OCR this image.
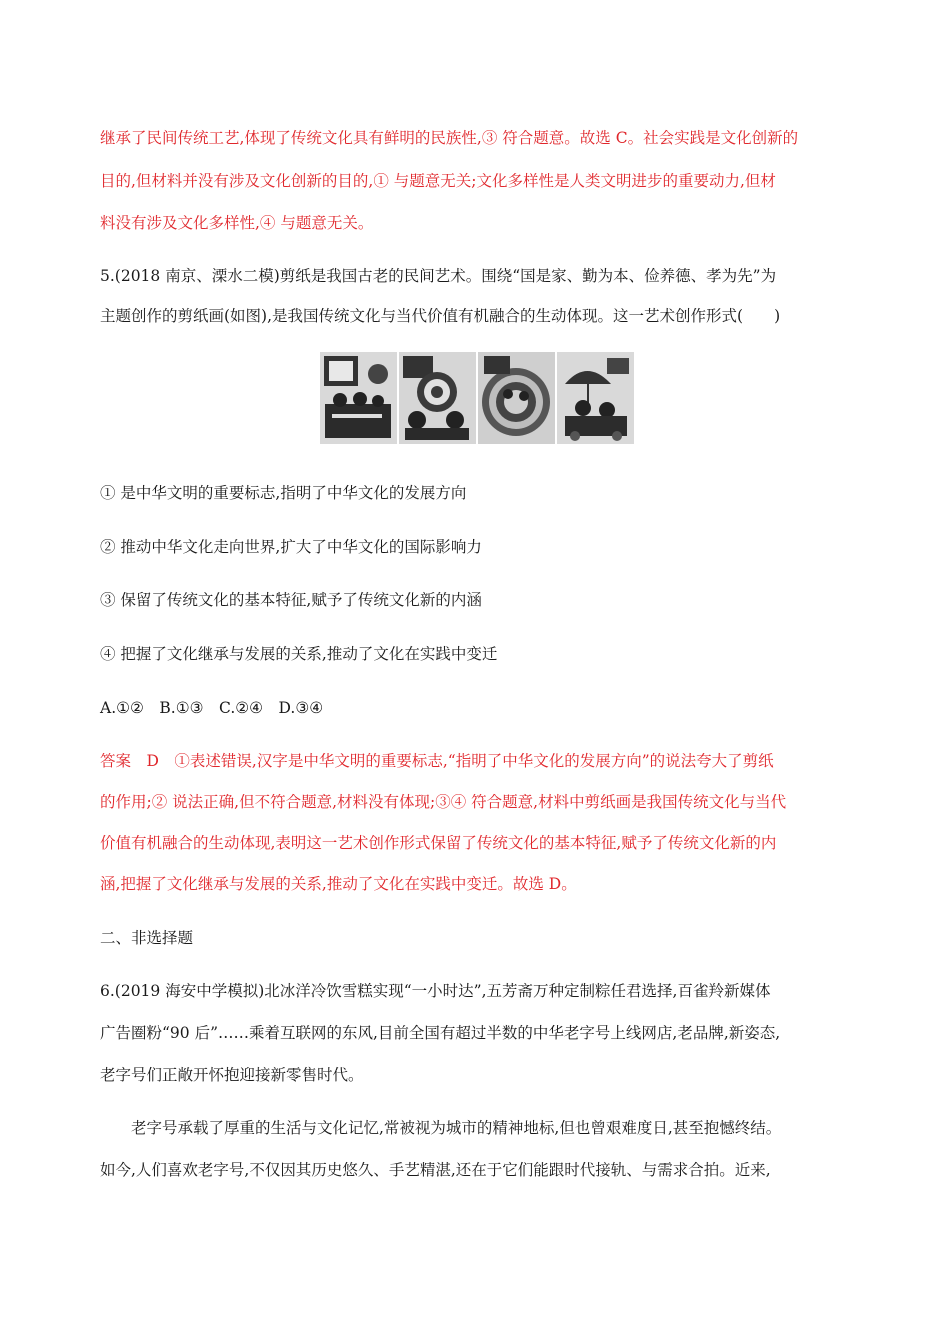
继承了民间传统工艺,体现了传统文化具有鲜明的民族性,③ 符合题意。故选 C。社会实践是文化创新的
目的,但材料并没有涉及文化创新的目的,① 与题意无关;文化多样性是人类文明进步的重要动力,但材
料没有涉及文化多样性,④ 与题意无关。
5.(2018 南京、溧水二模)剪纸是我国古老的民间艺术。围绕“国是家、勤为本、俭养德、孝为先”为
主题创作的剪纸画(如图),是我国传统文化与当代价值有机融合的生动体现。这一艺术创作形式(　　)
① 是中华文明的重要标志,指明了中华文化的发展方向
② 推动中华文化走向世界,扩大了中华文化的国际影响力
③ 保留了传统文化的基本特征,赋予了传统文化新的内涵
④ 把握了文化继承与发展的关系,推动了文化在实践中变迁
A.①②　B.①③　C.②④　D.③④
答案　D　①表述错误,汉字是中华文明的重要标志,“指明了中华文化的发展方向”的说法夸大了剪纸
的作用;② 说法正确,但不符合题意,材料没有体现;③④ 符合题意,材料中剪纸画是我国传统文化与当代
价值有机融合的生动体现,表明这一艺术创作形式保留了传统文化的基本特征,赋予了传统文化新的内
涵,把握了文化继承与发展的关系,推动了文化在实践中变迁。故选 D。
二、非选择题
6.(2019 海安中学模拟)北冰洋冷饮雪糕实现“一小时达”,五芳斋万种定制粽任君选择,百雀羚新媒体
广告圈粉“90 后”……乘着互联网的东风,目前全国有超过半数的中华老字号上线网店,老品牌,新姿态,
老字号们正敞开怀抱迎接新零售时代。
　　老字号承载了厚重的生活与文化记忆,常被视为城市的精神地标,但也曾艰难度日,甚至抱憾终结。
如今,人们喜欢老字号,不仅因其历史悠久、手艺精湛,还在于它们能跟时代接轨、与需求合拍。近来,
